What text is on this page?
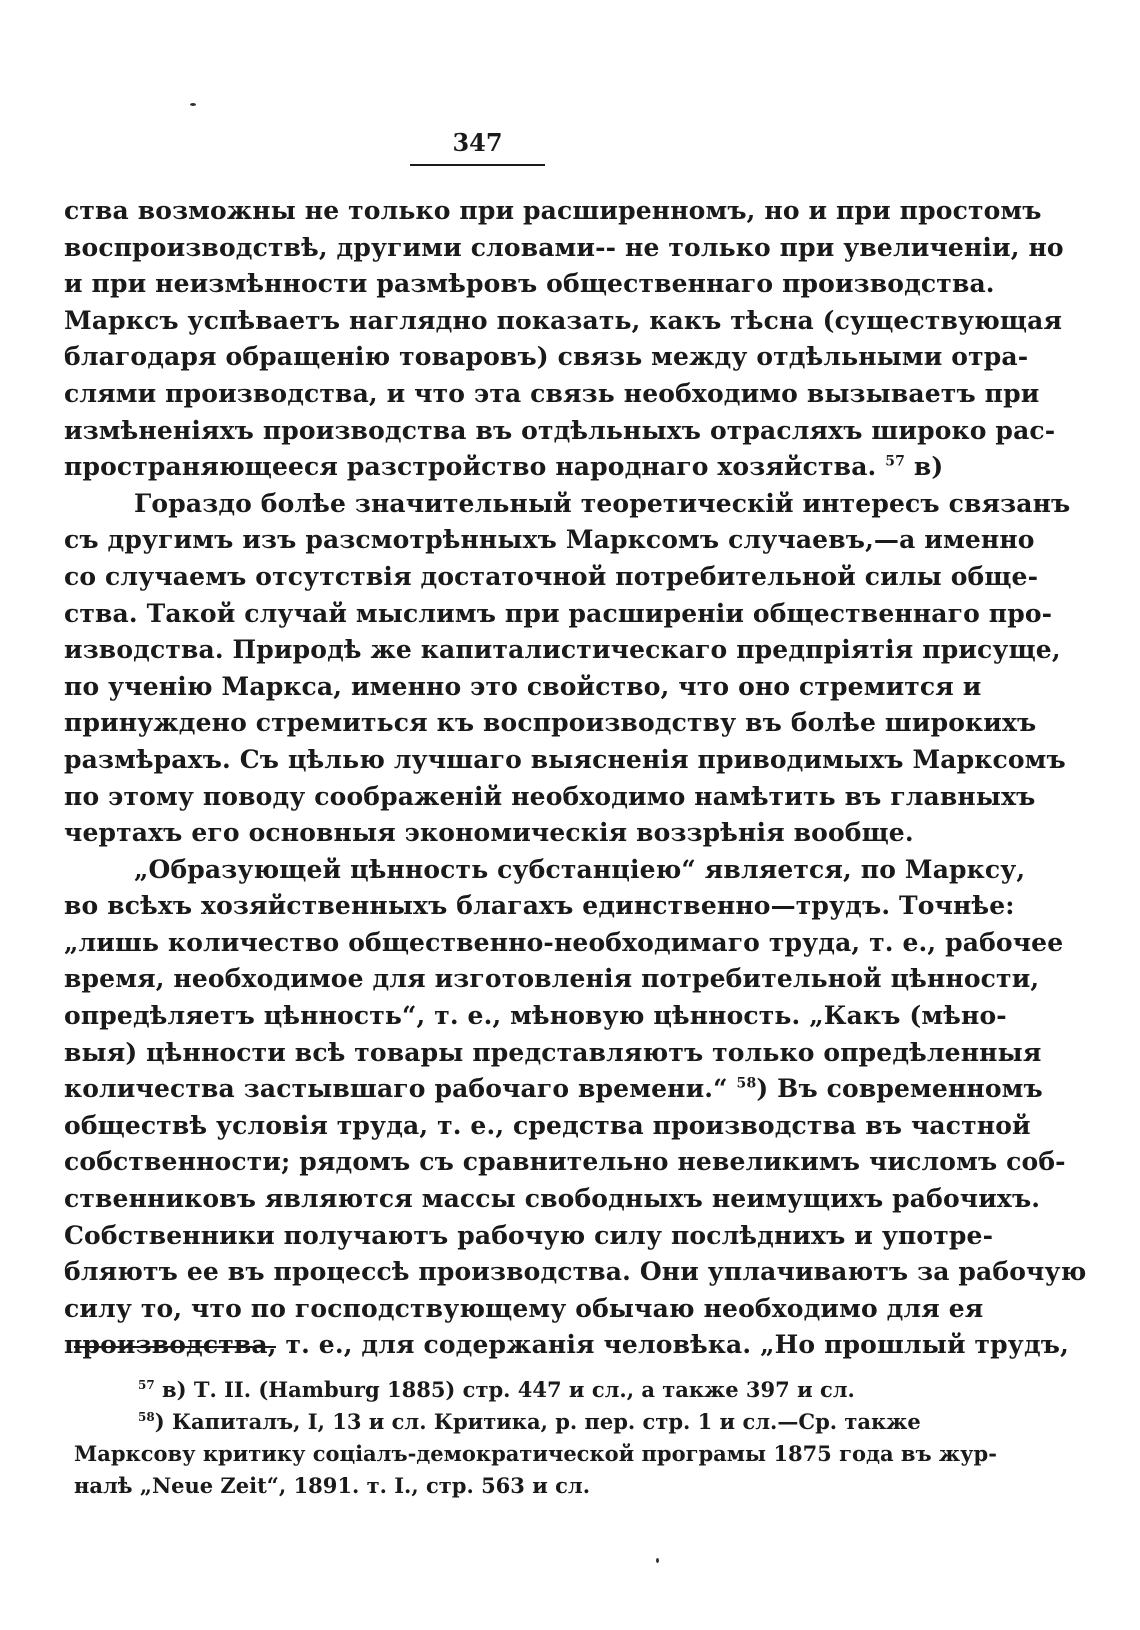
347
ства возможны не только при расширенномъ, но и при простомъ
воспроизводствѣ, другими словами-- не только при увеличеніи, но
и при неизмѣнности размѣровъ общественнаго производства.
Марксъ успѣваетъ наглядно показать, какъ тѣсна (существующая
благодаря обращенію товаровъ) связь между отдѣльными отра-
слями производства, и что эта связь необходимо вызываетъ при
измѣненіяхъ производства въ отдѣльныхъ отрасляхъ широко рас-
пространяющееся разстройство народнаго хозяйства. $^{57}$ в)
Гораздо болѣе значительный теоретическій интересъ связанъ
съ другимъ изъ разсмотрѣнныхъ Марксомъ случаевъ,—а именно
со случаемъ отсутствія достаточной потребительной силы обще-
ства. Такой случай мыслимъ при расширеніи общественнаго про-
изводства. Природѣ же капиталистическаго предпріятія присуще,
по ученію Маркса, именно это свойство, что оно стремится и
принуждено стремиться къ воспроизводству въ болѣе широкихъ
размѣрахъ. Съ цѣлью лучшаго выясненія приводимыхъ Марксомъ
по этому поводу соображеній необходимо намѣтить въ главныхъ
чертахъ его основныя экономическія воззрѣнія вообще.
„Образующей цѣнность субстанціею“ является, по Марксу,
во всѣхъ хозяйственныхъ благахъ единственно—трудъ. Точнѣе:
„лишь количество общественно-необходимаго труда, т. е., рабочее
время, необходимое для изготовленія потребительной цѣнности,
опредѣляетъ цѣнность“, т. е., мѣновую цѣнность. „Какъ (мѣно-
выя) цѣнности всѣ товары представляютъ только опредѣленныя
количества застывшаго рабочаго времени.“ $^{58}$) Въ современномъ
обществѣ условія труда, т. е., средства производства въ частной
собственности; рядомъ съ сравнительно невеликимъ числомъ соб-
ственниковъ являются массы свободныхъ неимущихъ рабочихъ.
Собственники получаютъ рабочую силу послѣднихъ и употре-
бляютъ ее въ процессѣ производства. Они уплачиваютъ за рабочую
силу то, что по господствующему обычаю необходимо для ея
производства, т. е., для содержанія человѣка. „Но прошлый трудъ,
$^{57}$ в) Т. II. (Hamburg 1885) стр. 447 и сл., а также 397 и сл.
$^{58}$) Капиталъ, I, 13 и сл. Критика, р. пер. стр. 1 и сл.—Ср. также
Марксову критику соціалъ-демократической програмы 1875 года въ жур-
налѣ „Neue Zeit“, 1891. т. I., стр. 563 и сл.
